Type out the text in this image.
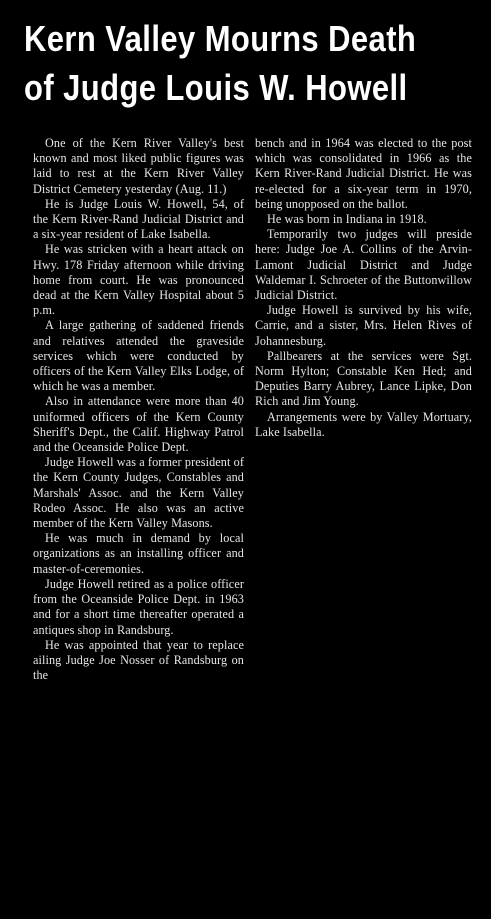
Kern Valley Mourns Death
of Judge Louis W. Howell

One of the Kern River Valley's best known and most liked public figures was laid to rest at the Kern River Valley District Cemetery yesterday (Aug. 11.)

He is Judge Louis W. Howell, 54, of the Kern River-Rand Judicial District and a six-year resident of Lake Isabella.

He was stricken with a heart attack on Hwy. 178 Friday afternoon while driving home from court. He was pronounced dead at the Kern Valley Hospital about 5 p.m.

A large gathering of saddened friends and relatives attended the graveside services which were conducted by officers of the Kern Valley Elks Lodge, of which he was a member.

Also in attendance were more than 40 uniformed officers of the Kern County Sheriff's Dept., the Calif. Highway Patrol and the Oceanside Police Dept.

Judge Howell was a former president of the Kern County Judges, Constables and Marshals' Assoc. and the Kern Valley Rodeo Assoc. He also was an active member of the Kern Valley Masons.

He was much in demand by local organizations as an installing officer and master-of-ceremonies.

Judge Howell retired as a police officer from the Oceanside Police Dept. in 1963 and for a short time thereafter operated a antiques shop in Randsburg.

He was appointed that year to replace ailing Judge Joe Nosser of Randsburg on the

bench and in 1964 was elected to the post which was consolidated in 1966 as the Kern River-Rand Judicial District. He was re-elected for a six-year term in 1970, being unopposed on the ballot.

He was born in Indiana in 1918.

Temporarily two judges will preside here: Judge Joe A. Collins of the Arvin-Lamont Judicial District and Judge Waldemar I. Schroeter of the Buttonwillow Judicial District.

Judge Howell is survived by his wife, Carrie, and a sister, Mrs. Helen Rives of Johannesburg.

Pallbearers at the services were Sgt. Norm Hylton; Constable Ken Hed; and Deputies Barry Aubrey, Lance Lipke, Don Rich and Jim Young.

Arrangements were by Valley Mortuary, Lake Isabella.
